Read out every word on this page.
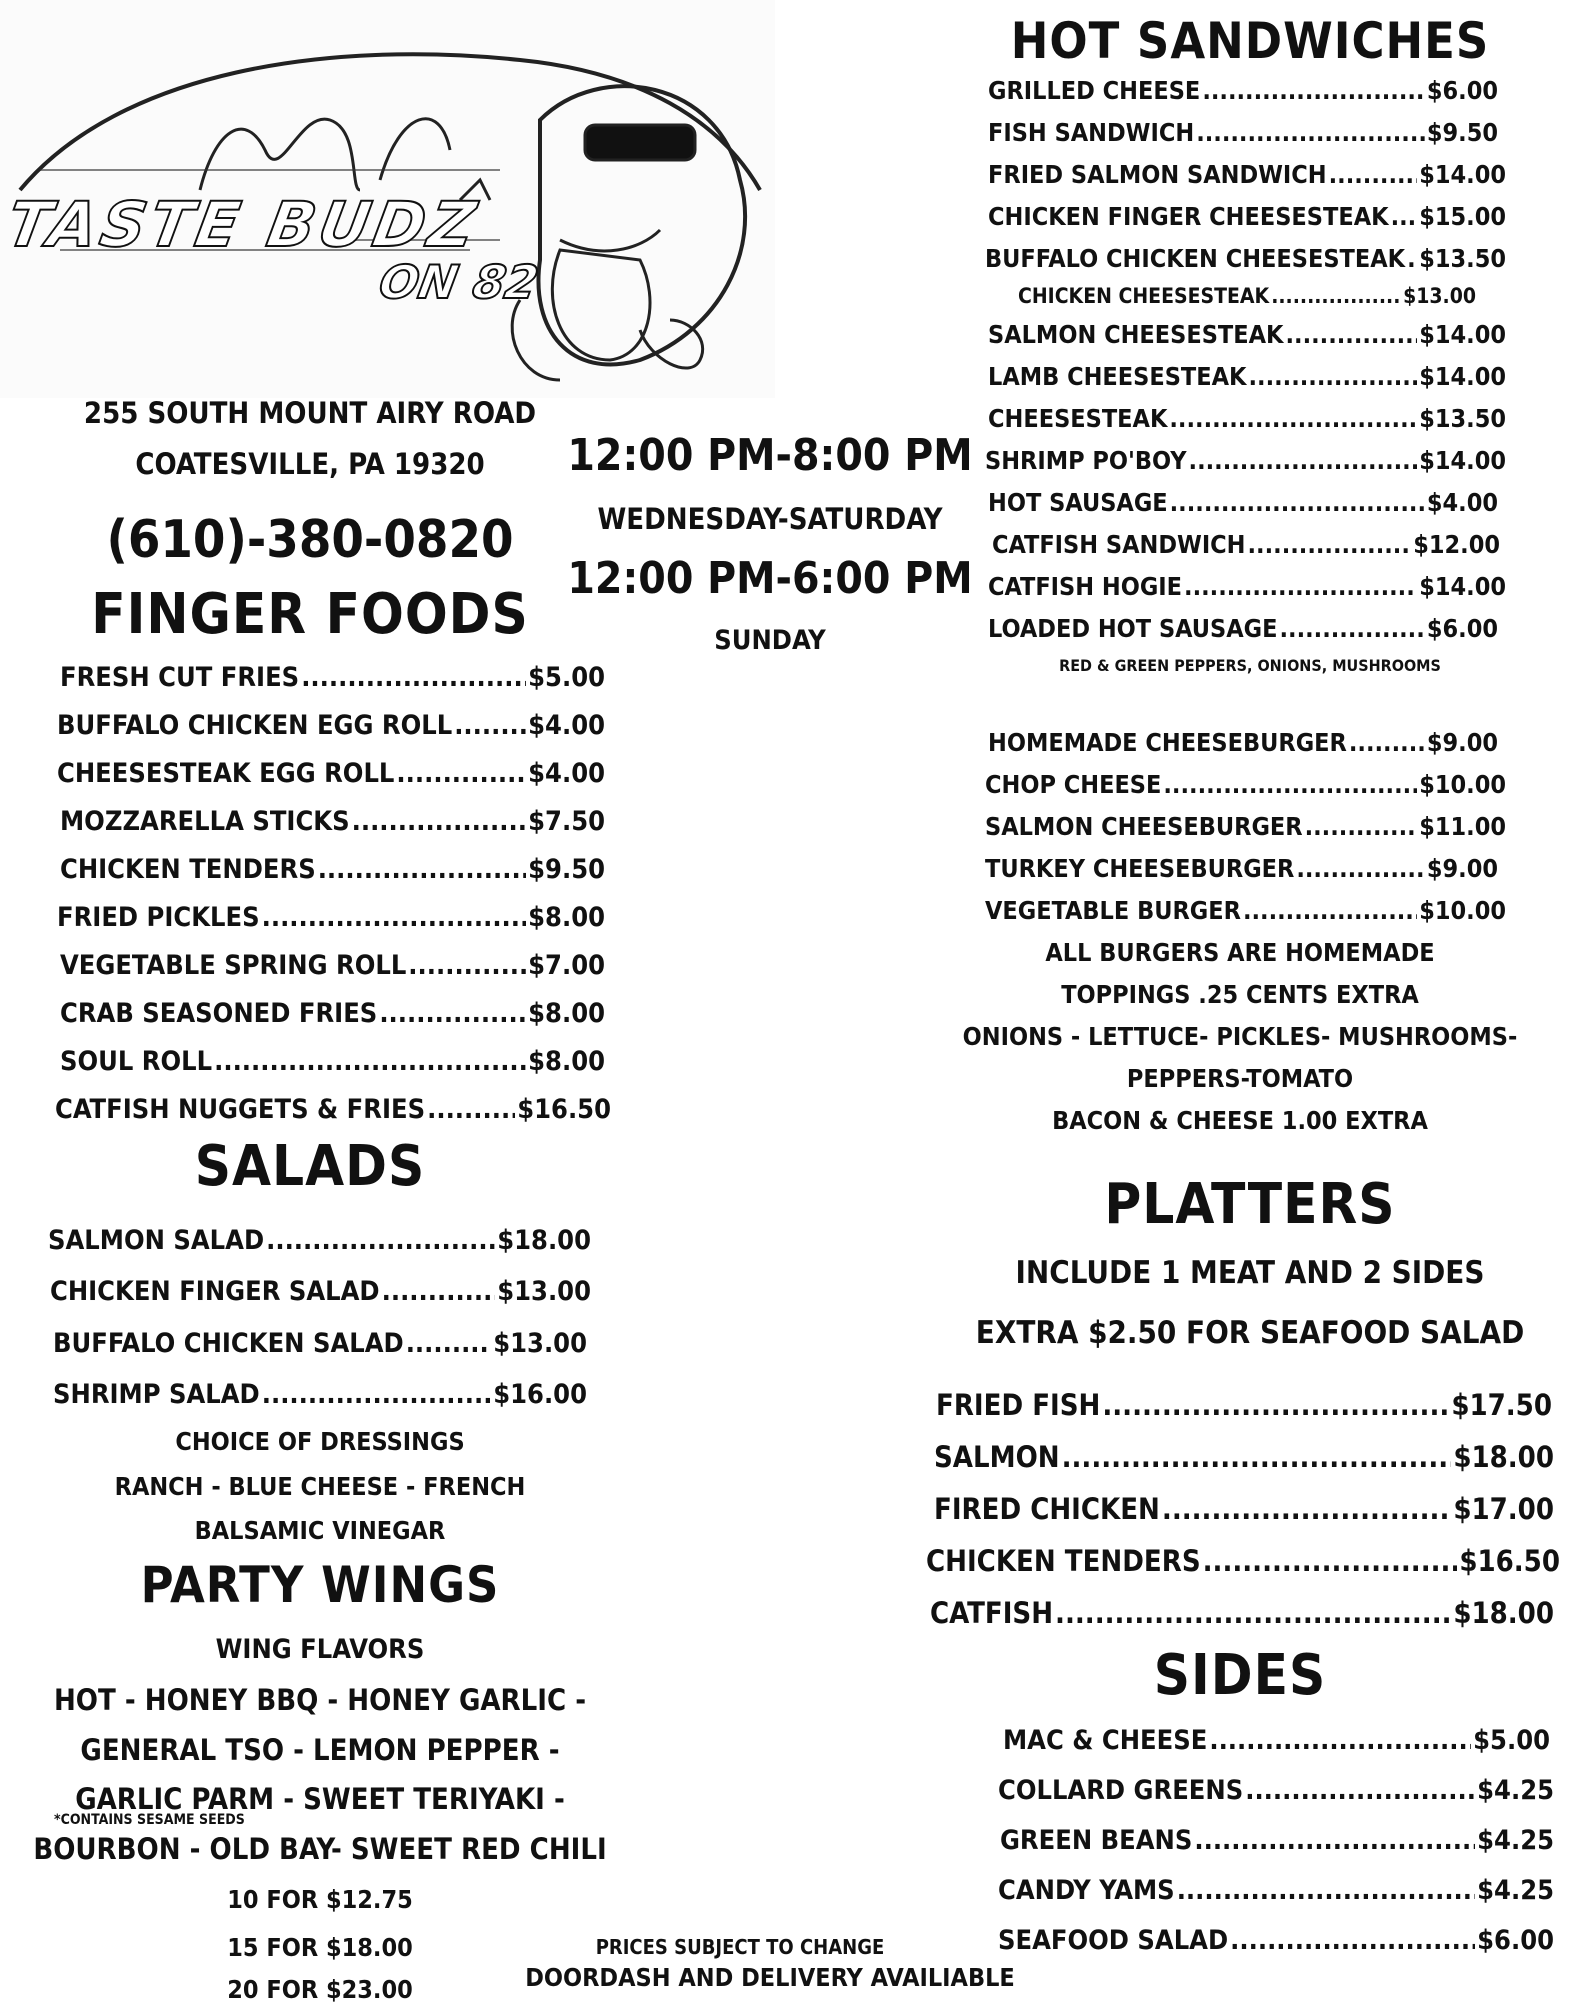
TASTE BUDZ
ON 82
255 SOUTH MOUNT AIRY ROAD
COATESVILLE, PA 19320
(610)-380-0820
12:00 PM-8:00 PM
WEDNESDAY-SATURDAY
12:00 PM-6:00 PM
SUNDAY
FINGER FOODS
FRESH CUT FRIES .....	$5.00
BUFFALO CHICKEN EGG ROLL .....	$4.00
CHEESESTEAK EGG ROLL .....	$4.00
MOZZARELLA STICKS .....	$7.50
CHICKEN TENDERS .....	$9.50
FRIED PICKLES .....	$8.00
VEGETABLE SPRING ROLL .....	$7.00
CRAB SEASONED FRIES .....	$8.00
SOUL ROLL .....	$8.00
CATFISH NUGGETS & FRIES .....	$16.50
SALADS
SALMON SALAD .....	$18.00
CHICKEN FINGER SALAD .....	$13.00
BUFFALO CHICKEN SALAD .....	$13.00
SHRIMP SALAD .....	$16.00
CHOICE OF DRESSINGS
RANCH - BLUE CHEESE - FRENCH
BALSAMIC VINEGAR
PARTY WINGS
WING FLAVORS
HOT - HONEY BBQ - HONEY GARLIC -
GENERAL TSO - LEMON PEPPER -
GARLIC PARM - SWEET TERIYAKI -
*CONTAINS SESAME SEEDS
BOURBON - OLD BAY- SWEET RED CHILI
10 FOR $12.75
15 FOR $18.00
20 FOR $23.00
PRICES SUBJECT TO CHANGE
DOORDASH AND DELIVERY AVAILIABLE
HOT SANDWICHES
GRILLED CHEESE .....	$6.00
FISH SANDWICH .....	$9.50
FRIED SALMON SANDWICH .....	$14.00
CHICKEN FINGER CHEESESTEAK ..... $15.00
BUFFALO CHICKEN CHEESESTEAK ..... $13.50
CHICKEN CHEESESTEAK .....	$13.00
SALMON CHEESESTEAK .....	$14.00
LAMB CHEESESTEAK .....	$14.00
CHEESESTEAK .....	$13.50
SHRIMP PO'BOY .....	$14.00
HOT SAUSAGE .....	$4.00
CATFISH SANDWICH .....	$12.00
CATFISH HOGIE .....	$14.00
LOADED HOT SAUSAGE .....	$6.00
RED & GREEN PEPPERS, ONIONS, MUSHROOMS
HOMEMADE CHEESEBURGER .....	$9.00
CHOP CHEESE .....	$10.00
SALMON CHEESEBURGER .....	$11.00
TURKEY CHEESEBURGER .....	$9.00
VEGETABLE BURGER .....	$10.00
ALL BURGERS ARE HOMEMADE
TOPPINGS .25 CENTS EXTRA
ONIONS - LETTUCE- PICKLES- MUSHROOMS-
PEPPERS-TOMATO
BACON & CHEESE 1.00 EXTRA
PLATTERS
INCLUDE 1 MEAT AND 2 SIDES
EXTRA $2.50 FOR SEAFOOD SALAD
FRIED FISH .....	$17.50
SALMON .....	$18.00
FIRED CHICKEN .....	$17.00
CHICKEN TENDERS .....	$16.50
CATFISH .....	$18.00
SIDES
MAC & CHEESE .....	$5.00
COLLARD GREENS .....	$4.25
GREEN BEANS .....	$4.25
CANDY YAMS .....	$4.25
SEAFOOD SALAD .....	$6.00
